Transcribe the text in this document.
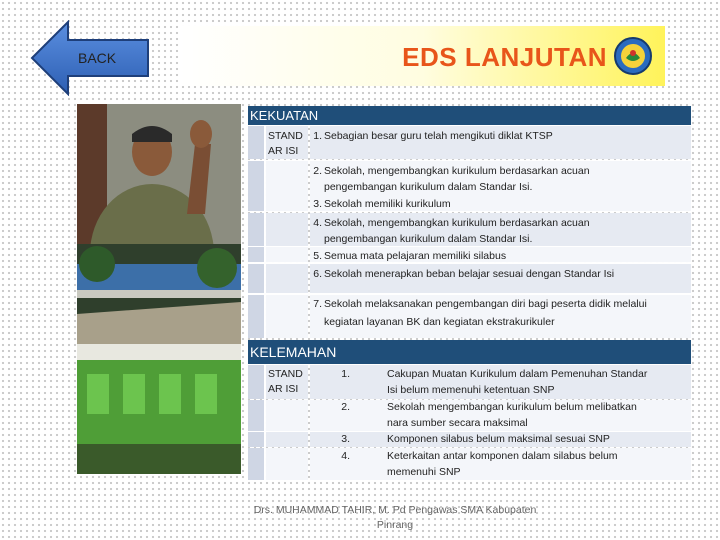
BACK	EDS LANJUTAN
KEKUATAN
STAND
AR ISI
1. Sebagian besar guru telah mengikuti diklat KTSP
2. Sekolah, mengembangkan kurikulum berdasarkan acuan
pengembangan kurikulum dalam Standar Isi.
3. Sekolah memiliki kurikulum
4. Sekolah, mengembangkan kurikulum berdasarkan acuan
pengembangan kurikulum dalam Standar Isi.
5. Semua mata pelajaran memiliki silabus
6. Sekolah menerapkan beban belajar sesuai dengan Standar Isi
7. Sekolah melaksanakan pengembangan diri bagi peserta didik melalui
kegiatan layanan BK dan kegiatan ekstrakurikuler
KELEMAHAN
STAND
AR ISI
1.	Cakupan Muatan Kurikulum dalam Pemenuhan Standar
Isi belum memenuhi ketentuan SNP
2.	Sekolah mengembangan kurikulum belum melibatkan
nara sumber secara maksimal
3.	Komponen silabus belum maksimal sesuai SNP
4.	Keterkaitan antar komponen dalam silabus belum
memenuhi SNP
Drs. MUHAMMAD TAHIR, M. Pd Pengawas SMA Kabupaten
Pinrang
